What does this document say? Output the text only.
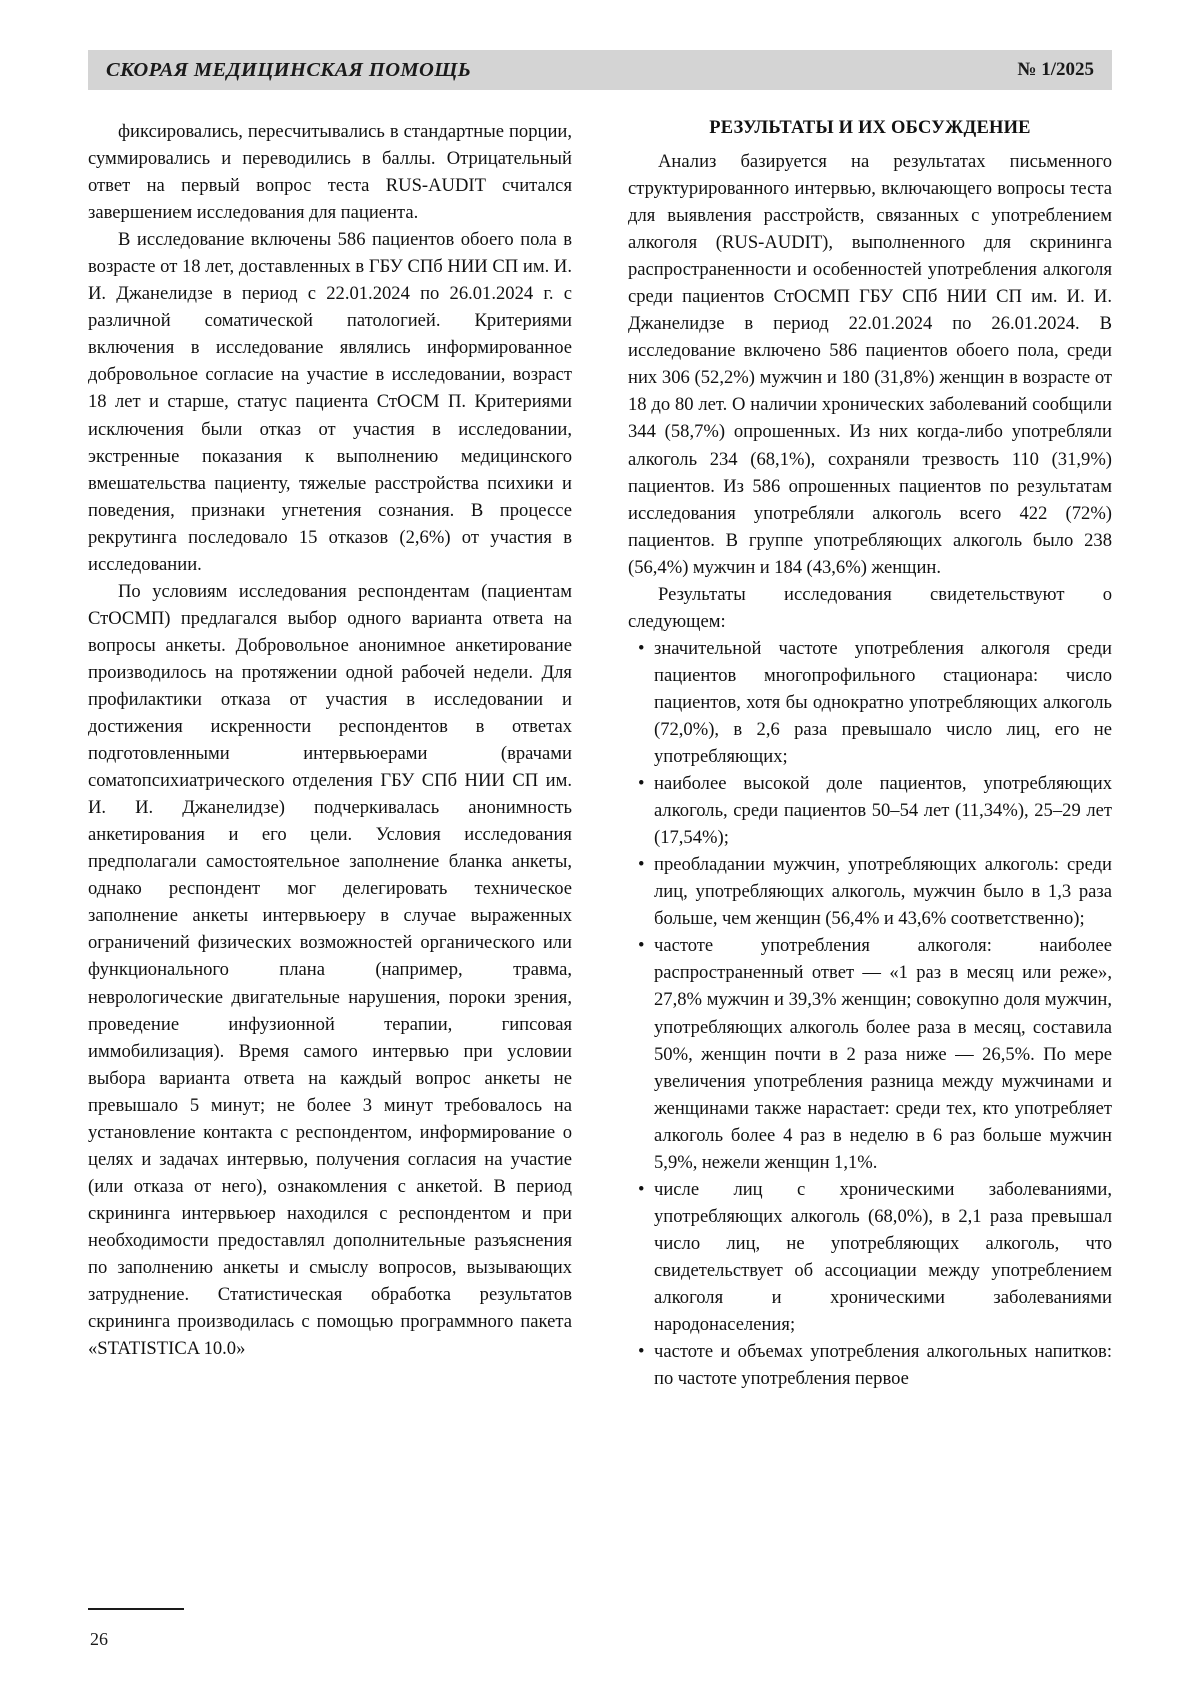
СКОРАЯ МЕДИЦИНСКАЯ ПОМОЩЬ	№ 1/2025

фиксировались, пересчитывались в стандартные порции, суммировались и переводились в баллы. Отрицательный ответ на первый вопрос теста RUS-AUDIT считался завершением исследования для пациента.

В исследование включены 586 пациентов обоего пола в возрасте от 18 лет, доставленных в ГБУ СПб НИИ СП им. И. И. Джанелидзе в период с 22.01.2024 по 26.01.2024 г. с различной соматической патологией. Критериями включения в исследование являлись информированное добровольное согласие на участие в исследовании, возраст 18 лет и старше, статус пациента СтОСМ П. Критериями исключения были отказ от участия в исследовании, экстренные показания к выполнению медицинского вмешательства пациенту, тяжелые расстройства психики и поведения, признаки угнетения сознания. В процессе рекрутинга последовало 15 отказов (2,6%) от участия в исследовании.

По условиям исследования респондентам (пациентам СтОСМП) предлагался выбор одного варианта ответа на вопросы анкеты. Добровольное анонимное анкетирование производилось на протяжении одной рабочей недели. Для профилактики отказа от участия в исследовании и достижения искренности респондентов в ответах подготовленными интервьюерами (врачами соматопсихиатрического отделения ГБУ СПб НИИ СП им. И. И. Джанелидзе) подчеркивалась анонимность анкетирования и его цели. Условия исследования предполагали самостоятельное заполнение бланка анкеты, однако респондент мог делегировать техническое заполнение анкеты интервьюеру в случае выраженных ограничений физических возможностей органического или функционального плана (например, травма, неврологические двигательные нарушения, пороки зрения, проведение инфузионной терапии, гипсовая иммобилизация). Время самого интервью при условии выбора варианта ответа на каждый вопрос анкеты не превышало 5 минут; не более 3 минут требовалось на установление контакта с респондентом, информирование о целях и задачах интервью, получения согласия на участие (или отказа от него), ознакомления с анкетой. В период скрининга интервьюер находился с респондентом и при необходимости предоставлял дополнительные разъяснения по заполнению анкеты и смыслу вопросов, вызывающих затруднение. Статистическая обработка результатов скрининга производилась с помощью программного пакета «STATISTICA 10.0»

РЕЗУЛЬТАТЫ И ИХ ОБСУЖДЕНИЕ

Анализ базируется на результатах письменного структурированного интервью, включающего вопросы теста для выявления расстройств, связанных с употреблением алкоголя (RUS-AUDIT), выполненного для скрининга распространенности и особенностей употребления алкоголя среди пациентов СтОСМП ГБУ СПб НИИ СП им. И. И. Джанелидзе в период 22.01.2024 по 26.01.2024. В исследование включено 586 пациентов обоего пола, среди них 306 (52,2%) мужчин и 180 (31,8%) женщин в возрасте от 18 до 80 лет. О наличии хронических заболеваний сообщили 344 (58,7%) опрошенных. Из них когда-либо употребляли алкоголь 234 (68,1%), сохраняли трезвость 110 (31,9%) пациентов. Из 586 опрошенных пациентов по результатам исследования употребляли алкоголь всего 422 (72%) пациентов. В группе употребляющих алкоголь было 238 (56,4%) мужчин и 184 (43,6%) женщин.

Результаты исследования свидетельствуют о следующем:

• значительной частоте употребления алкоголя среди пациентов многопрофильного стационара: число пациентов, хотя бы однократно употребляющих алкоголь (72,0%), в 2,6 раза превышало число лиц, его не употребляющих;

• наиболее высокой доле пациентов, употребляющих алкоголь, среди пациентов 50–54 лет (11,34%), 25–29 лет (17,54%);

• преобладании мужчин, употребляющих алкоголь: среди лиц, употребляющих алкоголь, мужчин было в 1,3 раза больше, чем женщин (56,4% и 43,6% соответственно);

• частоте употребления алкоголя: наиболее распространенный ответ — «1 раз в месяц или реже», 27,8% мужчин и 39,3% женщин; совокупно доля мужчин, употребляющих алкоголь более раза в месяц, составила 50%, женщин почти в 2 раза ниже — 26,5%. По мере увеличения употребления разница между мужчинами и женщинами также нарастает: среди тех, кто употребляет алкоголь более 4 раз в неделю в 6 раз больше мужчин 5,9%, нежели женщин 1,1%.

• числе лиц с хроническими заболеваниями, употребляющих алкоголь (68,0%), в 2,1 раза превышал число лиц, не употребляющих алкоголь, что свидетельствует об ассоциации между употреблением алкоголя и хроническими заболеваниями народонаселения;

• частоте и объемах употребления алкогольных напитков: по частоте употребления первое

26
